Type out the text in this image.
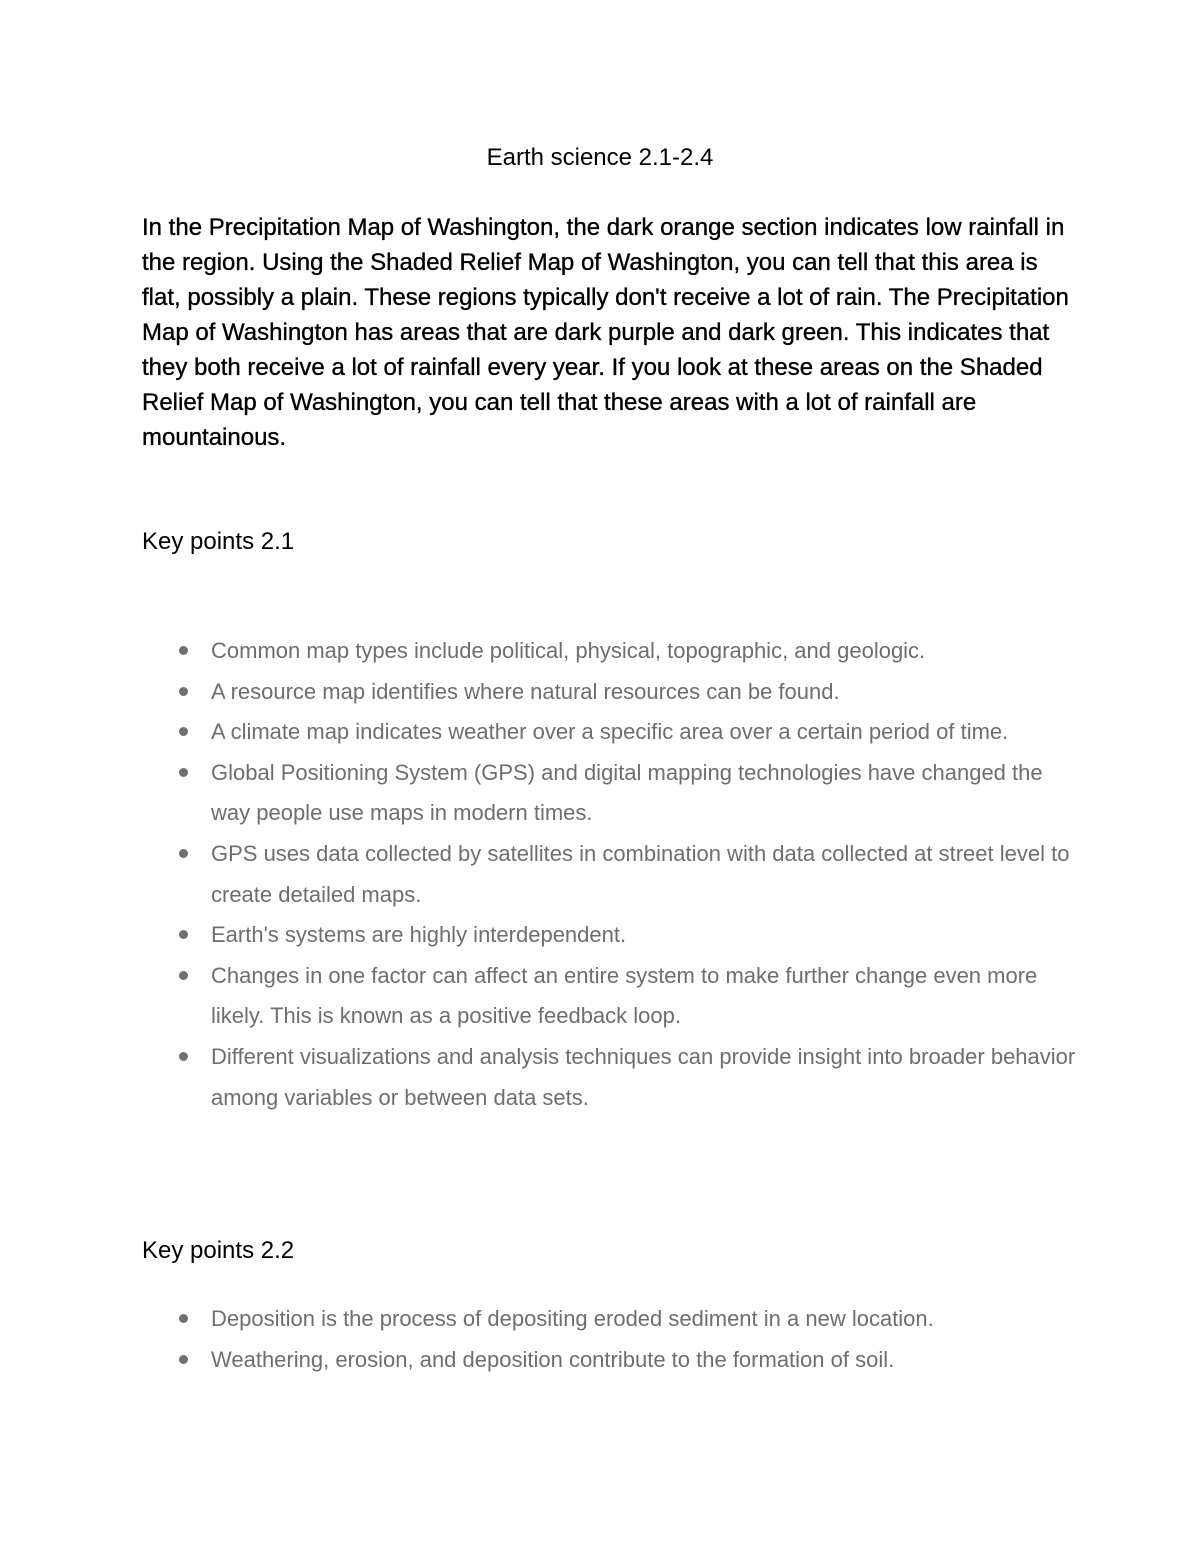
Earth science 2.1-2.4

In the Precipitation Map of Washington, the dark orange section indicates low rainfall in the region. Using the Shaded Relief Map of Washington, you can tell that this area is flat, possibly a plain. These regions typically don't receive a lot of rain. The Precipitation Map of Washington has areas that are dark purple and dark green. This indicates that they both receive a lot of rainfall every year. If you look at these areas on the Shaded Relief Map of Washington, you can tell that these areas with a lot of rainfall are mountainous.

Key points 2.1
Common map types include political, physical, topographic, and geologic.
A resource map identifies where natural resources can be found.
A climate map indicates weather over a specific area over a certain period of time.
Global Positioning System (GPS) and digital mapping technologies have changed the way people use maps in modern times.
GPS uses data collected by satellites in combination with data collected at street level to create detailed maps.
Earth's systems are highly interdependent.
Changes in one factor can affect an entire system to make further change even more likely. This is known as a positive feedback loop.
Different visualizations and analysis techniques can provide insight into broader behavior among variables or between data sets.
Key points 2.2
Deposition is the process of depositing eroded sediment in a new location.
Weathering, erosion, and deposition contribute to the formation of soil.
